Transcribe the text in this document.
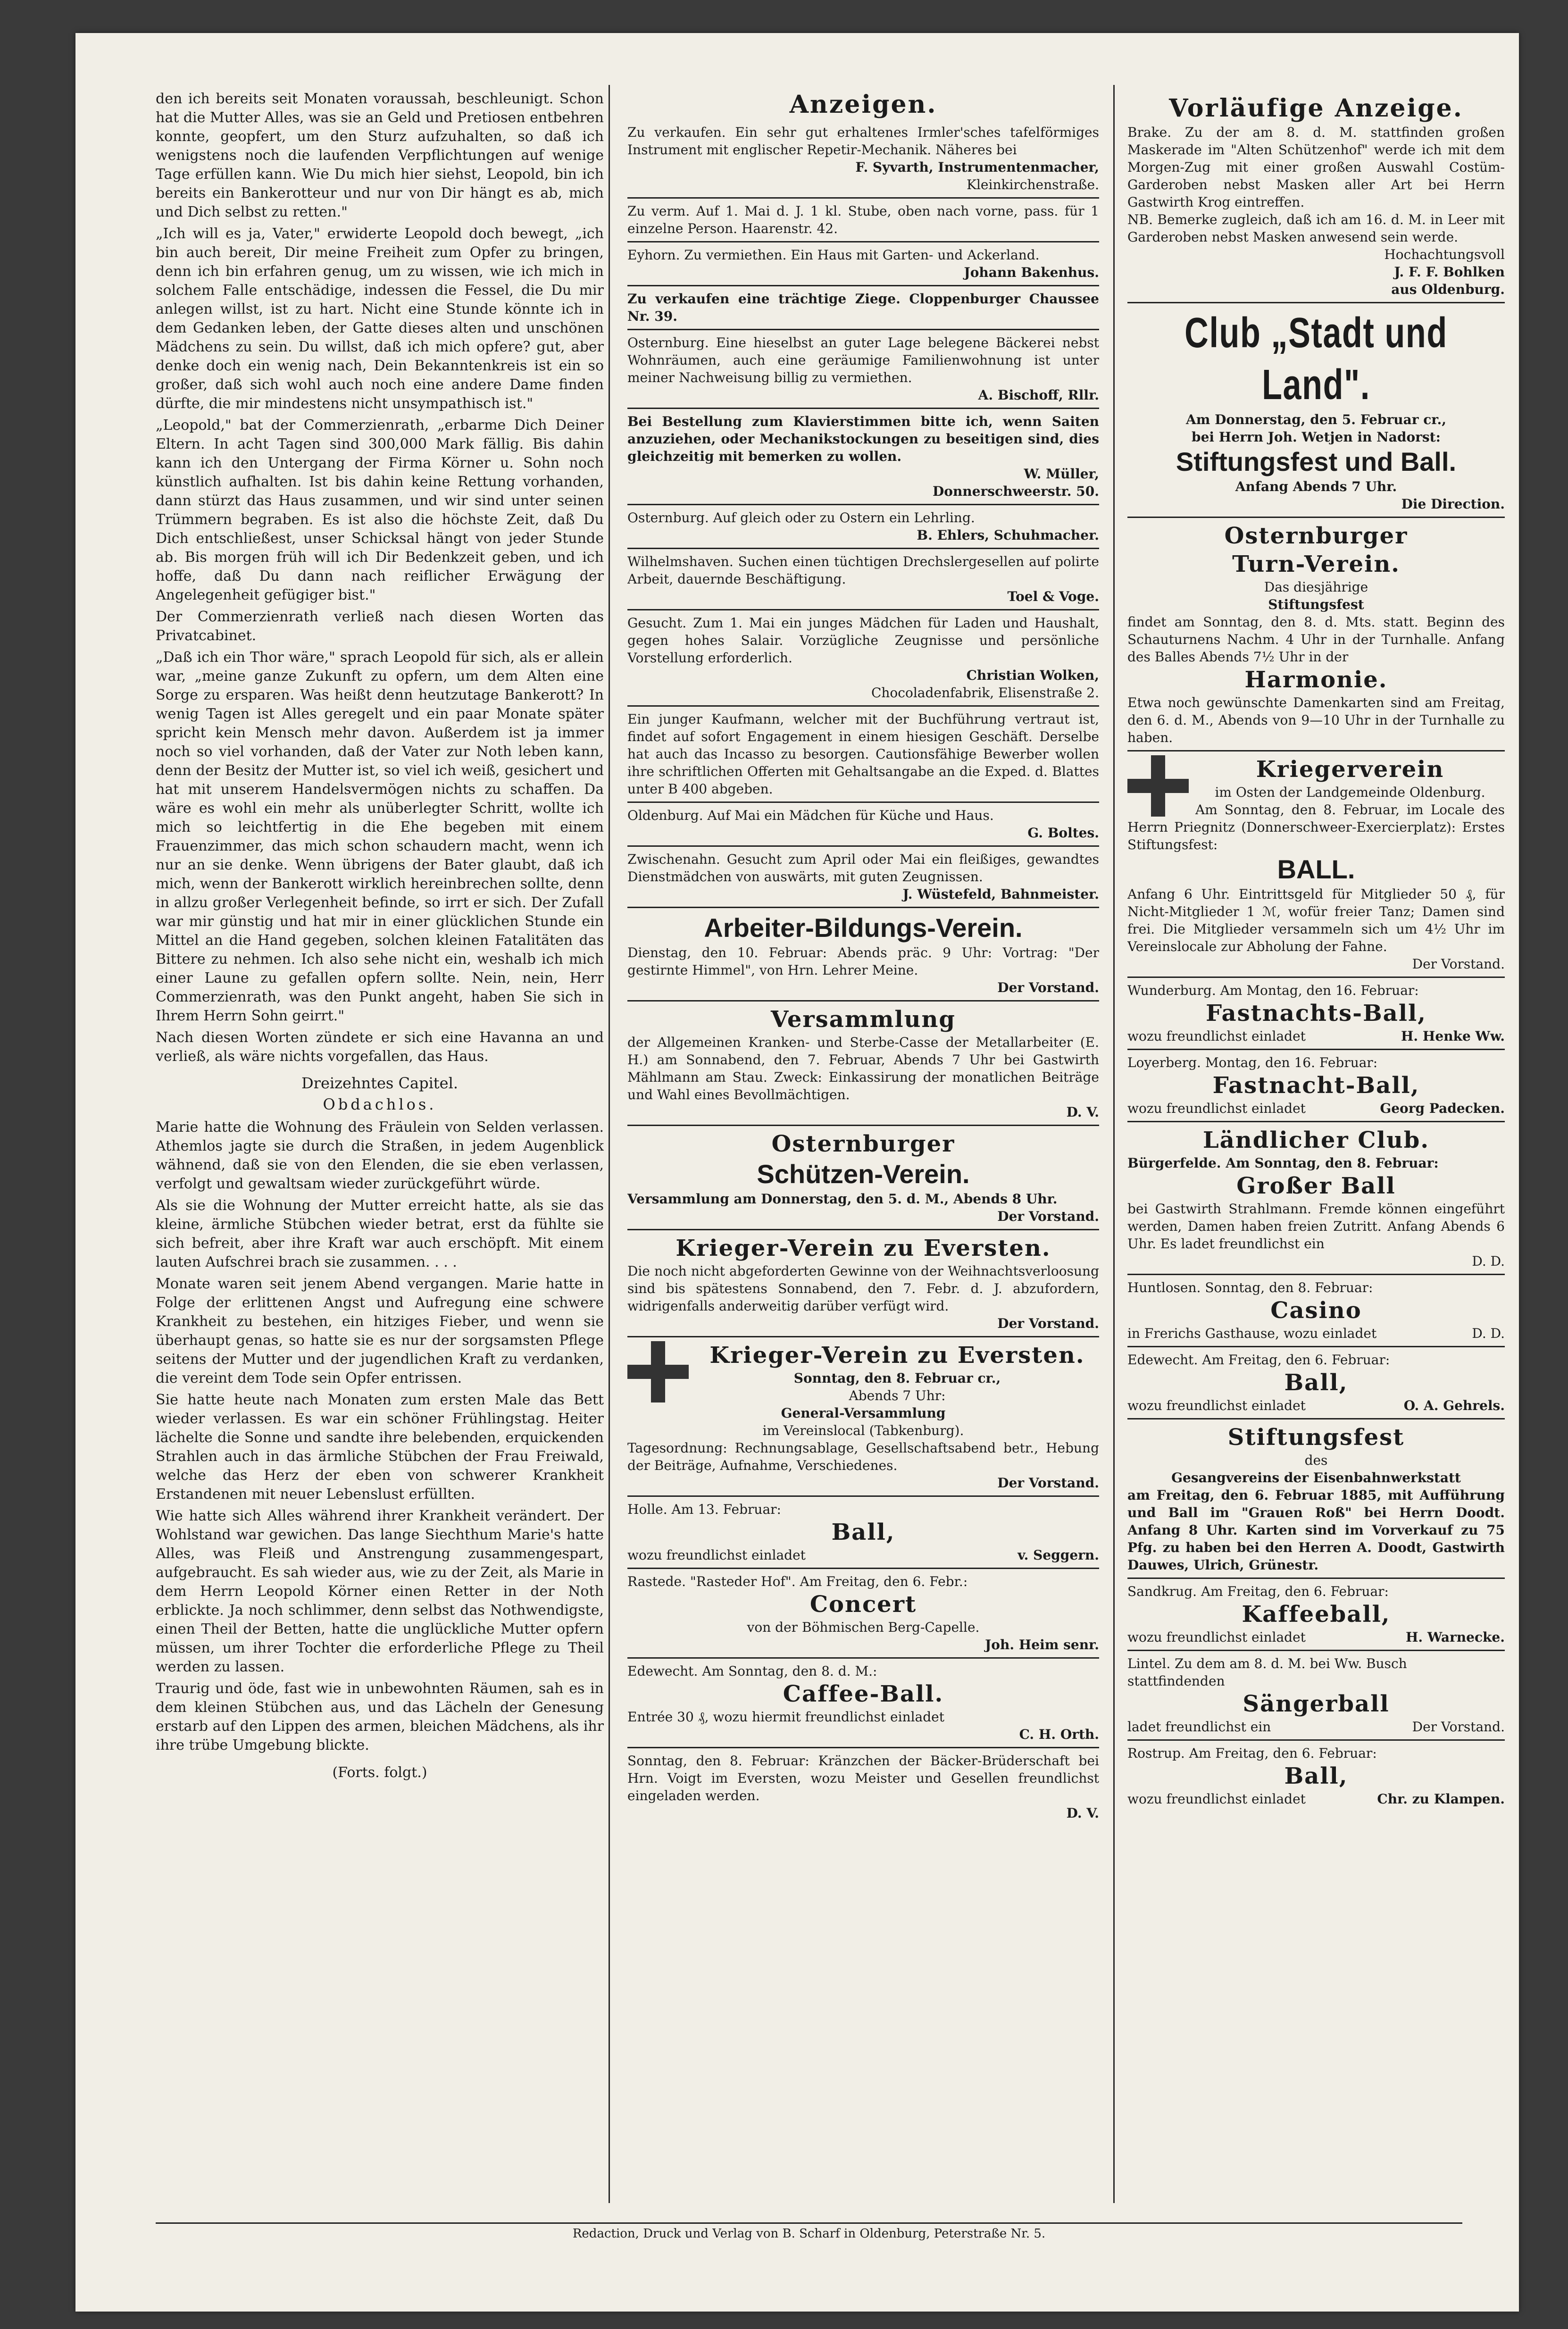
den ich bereits seit Monaten voraussah, beschleunigt. Schon hat die Mutter Alles, was sie an Geld und Pretiosen entbehren konnte, geopfert, um den Sturz aufzuhalten, so daß ich wenigstens noch die laufenden Verpflichtungen auf wenige Tage erfüllen kann. Wie Du mich hier siehst, Leopold, bin ich bereits ein Bankerotteur und nur von Dir hängt es ab, mich und Dich selbst zu retten."

„Ich will es ja, Vater," erwiderte Leopold doch bewegt, „ich bin auch bereit, Dir meine Freiheit zum Opfer zu bringen, denn ich bin erfahren genug, um zu wissen, wie ich mich in solchem Falle entschädige, indessen die Fessel, die Du mir anlegen willst, ist zu hart. Nicht eine Stunde könnte ich in dem Gedanken leben, der Gatte dieses alten und unschönen Mädchens zu sein. Du willst, daß ich mich opfere? gut, aber denke doch ein wenig nach, Dein Bekanntenkreis ist ein so großer, daß sich wohl auch noch eine andere Dame finden dürfte, die mir mindestens nicht unsympathisch ist."

„Leopold," bat der Commerzienrath, „erbarme Dich Deiner Eltern. In acht Tagen sind 300,000 Mark fällig. Bis dahin kann ich den Untergang der Firma Körner u. Sohn noch künstlich aufhalten. Ist bis dahin keine Rettung vorhanden, dann stürzt das Haus zusammen, und wir sind unter seinen Trümmern begraben. Es ist also die höchste Zeit, daß Du Dich entschließest, unser Schicksal hängt von jeder Stunde ab. Bis morgen früh will ich Dir Bedenkzeit geben, und ich hoffe, daß Du dann nach reiflicher Erwägung der Angelegenheit gefügiger bist."

Der Commerzienrath verließ nach diesen Worten das Privatcabinet.

„Daß ich ein Thor wäre," sprach Leopold für sich, als er allein war, „meine ganze Zukunft zu opfern, um dem Alten eine Sorge zu ersparen. Was heißt denn heutzutage Bankerott? In wenig Tagen ist Alles geregelt und ein paar Monate später spricht kein Mensch mehr davon. Außerdem ist ja immer noch so viel vorhanden, daß der Vater zur Noth leben kann, denn der Besitz der Mutter ist, so viel ich weiß, gesichert und hat mit unserem Handelsvermögen nichts zu schaffen. Da wäre es wohl ein mehr als unüberlegter Schritt, wollte ich mich so leichtfertig in die Ehe begeben mit einem Frauenzimmer, das mich schon schaudern macht, wenn ich nur an sie denke. Wenn übrigens der Bater glaubt, daß ich mich, wenn der Bankerott wirklich hereinbrechen sollte, denn in allzu großer Verlegenheit befinde, so irrt er sich. Der Zufall war mir günstig und hat mir in einer glücklichen Stunde ein Mittel an die Hand gegeben, solchen kleinen Fatalitäten das Bittere zu nehmen. Ich also sehe nicht ein, weshalb ich mich einer Laune zu gefallen opfern sollte. Nein, nein, Herr Commerzienrath, was den Punkt angeht, haben Sie sich in Ihrem Herrn Sohn geirrt."

Nach diesen Worten zündete er sich eine Havanna an und verließ, als wäre nichts vorgefallen, das Haus.

Dreizehntes Capitel.
Obdachlos.

Marie hatte die Wohnung des Fräulein von Selden verlassen. Athemlos jagte sie durch die Straßen, in jedem Augenblick wähnend, daß sie von den Elenden, die sie eben verlassen, verfolgt und gewaltsam wieder zurückgeführt würde.

Als sie die Wohnung der Mutter erreicht hatte, als sie das kleine, ärmliche Stübchen wieder betrat, erst da fühlte sie sich befreit, aber ihre Kraft war auch erschöpft. Mit einem lauten Aufschrei brach sie zusammen. . . .

Monate waren seit jenem Abend vergangen. Marie hatte in Folge der erlittenen Angst und Aufregung eine schwere Krankheit zu bestehen, ein hitziges Fieber, und wenn sie überhaupt genas, so hatte sie es nur der sorgsamsten Pflege seitens der Mutter und der jugendlichen Kraft zu verdanken, die vereint dem Tode sein Opfer entrissen.

Sie hatte heute nach Monaten zum ersten Male das Bett wieder verlassen. Es war ein schöner Frühlingstag. Heiter lächelte die Sonne und sandte ihre belebenden, erquickenden Strahlen auch in das ärmliche Stübchen der Frau Freiwald, welche das Herz der eben von schwerer Krankheit Erstandenen mit neuer Lebenslust erfüllten.

Wie hatte sich Alles während ihrer Krankheit verändert. Der Wohlstand war gewichen. Das lange Siechthum Marie's hatte Alles, was Fleiß und Anstrengung zusammengespart, aufgebraucht. Es sah wieder aus, wie zu der Zeit, als Marie in dem Herrn Leopold Körner einen Retter in der Noth erblickte. Ja noch schlimmer, denn selbst das Nothwendigste, einen Theil der Betten, hatte die unglückliche Mutter opfern müssen, um ihrer Tochter die erforderliche Pflege zu Theil werden zu lassen.

Traurig und öde, fast wie in unbewohnten Räumen, sah es in dem kleinen Stübchen aus, und das Lächeln der Genesung erstarb auf den Lippen des armen, bleichen Mädchens, als ihr ihre trübe Umgebung blickte.

(Forts. folgt.)
Anzeigen.

Zu verkaufen. Ein sehr gut erhaltenes Irmler'sches tafelförmiges Instrument mit englischer Repetir-Mechanik. Näheres bei

F. Syvarth, Instrumentenmacher,
Kleinkirchenstraße.

Zu verm. Auf 1. Mai d. J. 1 kl. Stube, oben nach vorne, pass. für 1 einzelne Person. Haarenstr. 42.

Eyhorn. Zu vermiethen. Ein Haus mit Garten- und Ackerland.

Johann Bakenhus.

Zu verkaufen eine trächtige Ziege. Cloppenburger Chaussee Nr. 39.

Osternburg. Eine hieselbst an guter Lage belegene Bäckerei nebst Wohnräumen, auch eine geräumige Familienwohnung ist unter meiner Nachweisung billig zu vermiethen.

A. Bischoff, Rllr.

Bei Bestellung zum Klavierstimmen bitte ich, wenn Saiten anzuziehen, oder Mechanikstockungen zu beseitigen sind, dies gleichzeitig mit bemerken zu wollen.

W. Müller,
Donnerschweerstr. 50.

Osternburg. Auf gleich oder zu Ostern ein Lehrling.

B. Ehlers, Schuhmacher.

Wilhelmshaven. Suchen einen tüchtigen Drechslergesellen auf polirte Arbeit, dauernde Beschäftigung.

Toel & Voge.

Gesucht. Zum 1. Mai ein junges Mädchen für Laden und Haushalt, gegen hohes Salair. Vorzügliche Zeugnisse und persönliche Vorstellung erforderlich.

Christian Wolken,
Chocoladenfabrik, Elisenstraße 2.

Ein junger Kaufmann, welcher mit der Buchführung vertraut ist, findet auf sofort Engagement in einem hiesigen Geschäft. Derselbe hat auch das Incasso zu besorgen. Cautionsfähige Bewerber wollen ihre schriftlichen Offerten mit Gehaltsangabe an die Exped. d. Blattes unter B 400 abgeben.

Oldenburg. Auf Mai ein Mädchen für Küche und Haus.

G. Boltes.

Zwischenahn. Gesucht zum April oder Mai ein fleißiges, gewandtes Dienstmädchen von auswärts, mit guten Zeugnissen.

J. Wüstefeld, Bahnmeister.
Arbeiter-Bildungs-Verein.

Dienstag, den 10. Februar: Abends präc. 9 Uhr: Vortrag: "Der gestirnte Himmel", von Hrn. Lehrer Meine.

Der Vorstand.
Versammlung

der Allgemeinen Kranken- und Sterbe-Casse der Metallarbeiter (E. H.) am Sonnabend, den 7. Februar, Abends 7 Uhr bei Gastwirth Mählmann am Stau. Zweck: Einkassirung der monatlichen Beiträge und Wahl eines Bevollmächtigen.

D. V.
Osternburger
Schützen-Verein.

Versammlung am Donnerstag, den 5. d. M., Abends 8 Uhr.

Der Vorstand.
Krieger-Verein zu Eversten.

Die noch nicht abgeforderten Gewinne von der Weihnachtsverloosung sind bis spätestens Sonnabend, den 7. Febr. d. J. abzufordern, widrigenfalls anderweitig darüber verfügt wird.

Der Vorstand.
Krieger-Verein zu Eversten.
Sonntag, den 8. Februar cr.,
Abends 7 Uhr:
General-Versammlung
im Vereinslocal (Tabkenburg).

Tagesordnung: Rechnungsablage, Gesellschaftsabend betr., Hebung der Beiträge, Aufnahme, Verschiedenes.

Der Vorstand.
Holle. Am 13. Februar:
Ball,
wozu freundlichst einladet	v. Seggern.
Rastede. "Rasteder Hof". Am Freitag, den 6. Febr.:
Concert
von der Böhmischen Berg-Capelle.
Joh. Heim senr.
Edewecht. Am Sonntag, den 8. d. M.:
Caffee-Ball.
Entrée 30 ₰, wozu hiermit freundlichst einladet
C. H. Orth.

Sonntag, den 8. Februar: Kränzchen der Bäcker-Brüderschaft bei Hrn. Voigt im Eversten, wozu Meister und Gesellen freundlichst eingeladen werden.

D. V.
Vorläufige Anzeige.

Brake. Zu der am 8. d. M. stattfinden großen Maskerade im "Alten Schützenhof" werde ich mit dem Morgen-Zug mit einer großen Auswahl Costüm-Garderoben nebst Masken aller Art bei Herrn Gastwirth Krog eintreffen.

NB. Bemerke zugleich, daß ich am 16. d. M. in Leer mit Garderoben nebst Masken anwesend sein werde.

Hochachtungsvoll
J. F. F. Bohlken
aus Oldenburg.
Club „Stadt und Land".
Am Donnerstag, den 5. Februar cr.,
bei Herrn Joh. Wetjen in Nadorst:
Stiftungsfest und Ball.
Anfang Abends 7 Uhr.
Die Direction.
Osternburger
Turn-Verein.
Das diesjährige
Stiftungsfest

findet am Sonntag, den 8. d. Mts. statt. Beginn des Schauturnens Nachm. 4 Uhr in der Turnhalle. Anfang des Balles Abends 7½ Uhr in der

Harmonie.

Etwa noch gewünschte Damenkarten sind am Freitag, den 6. d. M., Abends von 9—10 Uhr in der Turnhalle zu haben.

Kriegerverein
im Osten der Landgemeinde Oldenburg.

Am Sonntag, den 8. Februar, im Locale des Herrn Priegnitz (Donnerschweer-Exercierplatz): Erstes Stiftungsfest:

BALL.

Anfang 6 Uhr. Eintrittsgeld für Mitglieder 50 ₰, für Nicht-Mitglieder 1 ℳ, wofür freier Tanz; Damen sind frei. Die Mitglieder versammeln sich um 4½ Uhr im Vereinslocale zur Abholung der Fahne.

Der Vorstand.
Wunderburg. Am Montag, den 16. Februar:
Fastnachts-Ball,
wozu freundlichst einladet	H. Henke Ww.
Loyerberg. Montag, den 16. Februar:
Fastnacht-Ball,
wozu freundlichst einladet	Georg Padecken.
Ländlicher Club.
Bürgerfelde. Am Sonntag, den 8. Februar:
Großer Ball

bei Gastwirth Strahlmann. Fremde können eingeführt werden, Damen haben freien Zutritt. Anfang Abends 6 Uhr. Es ladet freundlichst ein

D. D.
Huntlosen. Sonntag, den 8. Februar:
Casino
in Frerichs Gasthause, wozu einladet	D. D.
Edewecht. Am Freitag, den 6. Februar:
Ball,
wozu freundlichst einladet	O. A. Gehrels.
Stiftungsfest
des
Gesangvereins der Eisenbahnwerkstatt

am Freitag, den 6. Februar 1885, mit Aufführung und Ball im "Grauen Roß" bei Herrn Doodt. Anfang 8 Uhr. Karten sind im Vorverkauf zu 75 Pfg. zu haben bei den Herren A. Doodt, Gastwirth Dauwes, Ulrich, Grünestr.

Sandkrug. Am Freitag, den 6. Februar:
Kaffeeball,
wozu freundlichst einladet	H. Warnecke.
Lintel. Zu dem am 8. d. M. bei Ww. Busch stattfindenden
Sängerball
ladet freundlichst ein	Der Vorstand.
Rostrup. Am Freitag, den 6. Februar:
Ball,
wozu freundlichst einladet	Chr. zu Klampen.
Redaction, Druck und Verlag von B. Scharf in Oldenburg, Peterstraße Nr. 5.
